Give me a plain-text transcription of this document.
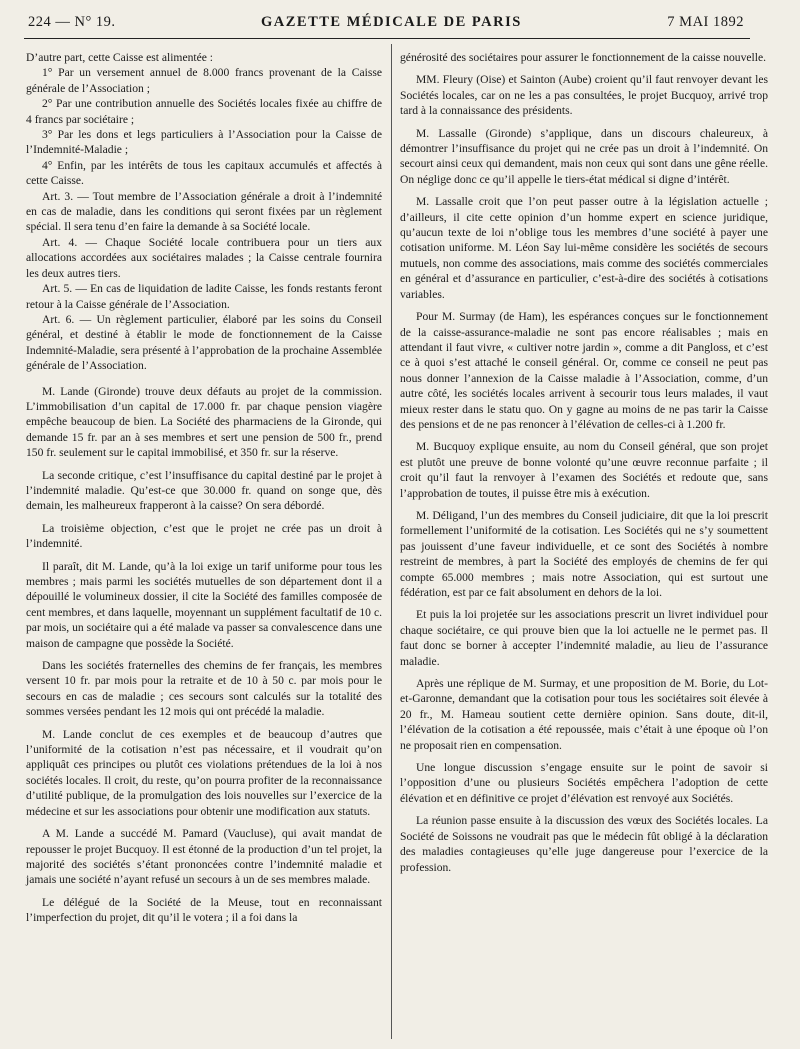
224 — N° 19.	GAZETTE MÉDICALE DE PARIS	7 MAI 1892

D’autre part, cette Caisse est alimentée :

1° Par un versement annuel de 8.000 francs provenant de la Caisse générale de l’Association ;

2° Par une contribution annuelle des Sociétés locales fixée au chiffre de 4 francs par sociétaire ;

3° Par les dons et legs particuliers à l’Association pour la Caisse de l’Indemnité-Maladie ;

4° Enfin, par les intérêts de tous les capitaux accumulés et affectés à cette Caisse.

Art. 3. — Tout membre de l’Association générale a droit à l’indemnité en cas de maladie, dans les conditions qui seront fixées par un règlement spécial. Il sera tenu d’en faire la demande à sa Société locale.

Art. 4. — Chaque Société locale contribuera pour un tiers aux allocations accordées aux sociétaires malades ; la Caisse centrale fournira les deux autres tiers.

Art. 5. — En cas de liquidation de ladite Caisse, les fonds restants feront retour à la Caisse générale de l’Association.

Art. 6. — Un règlement particulier, élaboré par les soins du Conseil général, et destiné à établir le mode de fonctionnement de la Caisse Indemnité-Maladie, sera présenté à l’approbation de la prochaine Assemblée générale de l’Association.

M. Lande (Gironde) trouve deux défauts au projet de la commission. L’immobilisation d’un capital de 17.000 fr. par chaque pension viagère empêche beaucoup de bien. La Société des pharmaciens de la Gironde, qui demande 15 fr. par an à ses membres et sert une pension de 500 fr., prend 150 fr. seulement sur le capital immobilisé, et 350 fr. sur la réserve.

La seconde critique, c’est l’insuffisance du capital destiné par le projet à l’indemnité maladie. Qu’est-ce que 30.000 fr. quand on songe que, dès demain, les malheureux frapperont à la caisse? On sera débordé.

La troisième objection, c’est que le projet ne crée pas un droit à l’indemnité.

Il paraît, dit M. Lande, qu’à la loi exige un tarif uniforme pour tous les membres ; mais parmi les sociétés mutuelles de son département dont il a dépouillé le volumineux dossier, il cite la Société des familles composée de cent membres, et dans laquelle, moyennant un supplément facultatif de 10 c. par mois, un sociétaire qui a été malade va passer sa convalescence dans une maison de campagne que possède la Société.

Dans les sociétés fraternelles des chemins de fer français, les membres versent 10 fr. par mois pour la retraite et de 10 à 50 c. par mois pour le secours en cas de maladie ; ces secours sont calculés sur la totalité des sommes versées pendant les 12 mois qui ont précédé la maladie.

M. Lande conclut de ces exemples et de beaucoup d’autres que l’uniformité de la cotisation n’est pas nécessaire, et il voudrait qu’on appliquât ces principes ou plutôt ces violations prétendues de la loi à nos sociétés locales. Il croit, du reste, qu’on pourra profiter de la reconnaissance d’utilité publique, de la promulgation des lois nouvelles sur l’exercice de la médecine et sur les associations pour obtenir une modification aux statuts.

A M. Lande a succédé M. Pamard (Vaucluse), qui avait mandat de repousser le projet Bucquoy. Il est étonné de la production d’un tel projet, la majorité des sociétés s’étant prononcées contre l’indemnité maladie et jamais une société n’ayant refusé un secours à un de ses membres malade.

Le délégué de la Société de la Meuse, tout en reconnaissant l’imperfection du projet, dit qu’il le votera ; il a foi dans la

générosité des sociétaires pour assurer le fonctionnement de la caisse nouvelle.

MM. Fleury (Oise) et Sainton (Aube) croient qu’il faut renvoyer devant les Sociétés locales, car on ne les a pas consultées, le projet Bucquoy, arrivé trop tard à la connaissance des présidents.

M. Lassalle (Gironde) s’applique, dans un discours chaleureux, à démontrer l’insuffisance du projet qui ne crée pas un droit à l’indemnité. On secourt ainsi ceux qui demandent, mais non ceux qui sont dans une gêne réelle. On néglige donc ce qu’il appelle le tiers-état médical si digne d’intérêt.

M. Lassalle croit que l’on peut passer outre à la législation actuelle ; d’ailleurs, il cite cette opinion d’un homme expert en science juridique, qu’aucun texte de loi n’oblige tous les membres d’une société à payer une cotisation uniforme. M. Léon Say lui-même considère les sociétés de secours mutuels, non comme des associations, mais comme des sociétés commerciales en général et d’assurance en particulier, c’est-à-dire des sociétés à cotisations variables.

Pour M. Surmay (de Ham), les espérances conçues sur le fonctionnement de la caisse-assurance-maladie ne sont pas encore réalisables ; mais en attendant il faut vivre, « cultiver notre jardin », comme a dit Pangloss, et c’est ce à quoi s’est attaché le conseil général. Or, comme ce conseil ne peut pas nous donner l’annexion de la Caisse maladie à l’Association, comme, d’un autre côté, les sociétés locales arrivent à secourir tous leurs malades, il vaut mieux rester dans le statu quo. On y gagne au moins de ne pas tarir la Caisse des pensions et de ne pas renoncer à l’élévation de celles-ci à 1.200 fr.

M. Bucquoy explique ensuite, au nom du Conseil général, que son projet est plutôt une preuve de bonne volonté qu’une œuvre reconnue parfaite ; il croit qu’il faut la renvoyer à l’examen des Sociétés et redoute que, sans l’approbation de toutes, il puisse être mis à exécution.

M. Déligand, l’un des membres du Conseil judiciaire, dit que la loi prescrit formellement l’uniformité de la cotisation. Les Sociétés qui ne s’y soumettent pas jouissent d’une faveur individuelle, et ce sont des Sociétés à nombre restreint de membres, à part la Société des employés de chemins de fer qui compte 65.000 membres ; mais notre Association, qui est surtout une fédération, est par ce fait absolument en dehors de la loi.

Et puis la loi projetée sur les associations prescrit un livret individuel pour chaque sociétaire, ce qui prouve bien que la loi actuelle ne le permet pas. Il faut donc se borner à accepter l’indemnité maladie, au lieu de l’assurance maladie.

Après une réplique de M. Surmay, et une proposition de M. Borie, du Lot-et-Garonne, demandant que la cotisation pour tous les sociétaires soit élevée à 20 fr., M. Hameau soutient cette dernière opinion. Sans doute, dit-il, l’élévation de la cotisation a été repoussée, mais c’était à une époque où l’on ne proposait rien en compensation.

Une longue discussion s’engage ensuite sur le point de savoir si l’opposition d’une ou plusieurs Sociétés empêchera l’adoption de cette élévation et en définitive ce projet d’élévation est renvoyé aux Sociétés.

La réunion passe ensuite à la discussion des vœux des Sociétés locales. La Société de Soissons ne voudrait pas que le médecin fût obligé à la déclaration des maladies contagieuses qu’elle juge dangereuse pour l’exercice de la profession.
